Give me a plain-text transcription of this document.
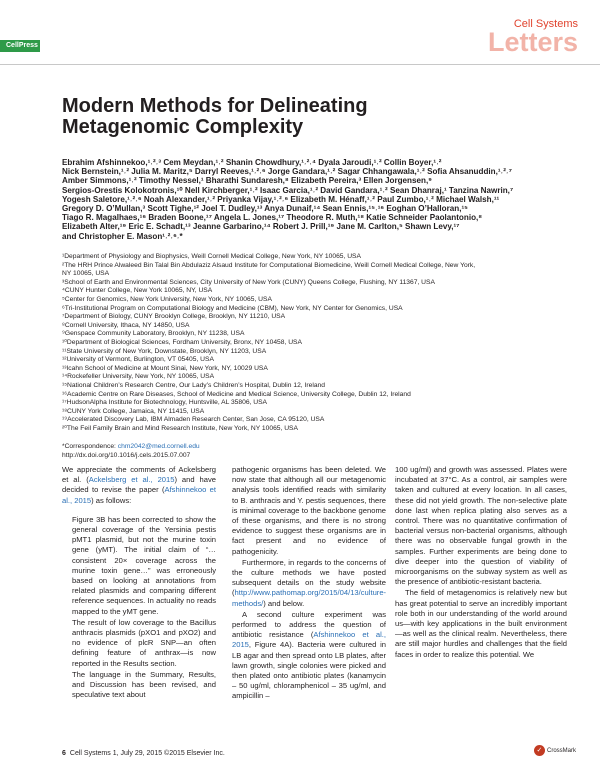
CellPress
Cell Systems
Letters
Modern Methods for Delineating Metagenomic Complexity
Ebrahim Afshinnekoo,¹˒²˒³ Cem Meydan,¹˒² Shanin Chowdhury,¹˒²˒⁴ Dyala Jaroudi,¹˒² Collin Boyer,¹˒²
Nick Bernstein,¹˒² Julia M. Maritz,⁵ Darryl Reeves,¹˒²˒⁶ Jorge Gandara,¹˒² Sagar Chhangawala,¹˒² Sofia Ahsanuddin,¹˒²˒⁷
Amber Simmons,¹˒² Timothy Nessel,¹ Bharathi Sundaresh,⁸ Elizabeth Pereira,³ Ellen Jorgensen,⁹
Sergios-Orestis Kolokotronis,¹⁰ Nell Kirchberger,¹˒² Isaac Garcia,¹˒² David Gandara,¹˒² Sean Dhanraj,¹ Tanzina Nawrin,⁷
Yogesh Saletore,¹˒²˒⁶ Noah Alexander,¹˒² Priyanka Vijay,¹˒²˒⁶ Elizabeth M. Hénaff,¹˒² Paul Zumbo,¹˒² Michael Walsh,¹¹
Gregory D. O’Mullan,³ Scott Tighe,¹² Joel T. Dudley,¹³ Anya Dunaif,¹⁴ Sean Ennis,¹⁵˒¹⁶ Eoghan O’Halloran,¹⁵
Tiago R. Magalhaes,¹⁶ Braden Boone,¹⁷ Angela L. Jones,¹⁷ Theodore R. Muth,¹⁸ Katie Schneider Paolantonio,⁸
Elizabeth Alter,¹⁹ Eric E. Schadt,¹³ Jeanne Garbarino,¹⁴ Robert J. Prill,¹⁹ Jane M. Carlton,⁵ Shawn Levy,¹⁷
and Christopher E. Mason¹˒²˒⁶˒*
¹Department of Physiology and Biophysics, Weill Cornell Medical College, New York, NY 10065, USA
²The HRH Prince Alwaleed Bin Talal Bin Abdulaziz Alsaud Institute for Computational Biomedicine, Weill Cornell Medical College, New York,
NY 10065, USA
³School of Earth and Environmental Sciences, City University of New York (CUNY) Queens College, Flushing, NY 11367, USA
⁴CUNY Hunter College, New York 10065, NY, USA
⁵Center for Genomics, New York University, New York, NY 10065, USA
⁶Tri-Institutional Program on Computational Biology and Medicine (CBM), New York, NY Center for Genomics, USA
⁷Department of Biology, CUNY Brooklyn College, Brooklyn, NY 11210, USA
⁸Cornell University, Ithaca, NY 14850, USA
⁹Genspace Community Laboratory, Brooklyn, NY 11238, USA
¹⁰Department of Biological Sciences, Fordham University, Bronx, NY 10458, USA
¹¹State University of New York, Downstate, Brooklyn, NY 11203, USA
¹²University of Vermont, Burlington, VT 05405, USA
¹³Icahn School of Medicine at Mount Sinai, New York, NY, 10029 USA
¹⁴Rockefeller University, New York, NY 10065, USA
¹⁵National Children’s Research Centre, Our Lady’s Children’s Hospital, Dublin 12, Ireland
¹⁶Academic Centre on Rare Diseases, School of Medicine and Medical Science, University College, Dublin 12, Ireland
¹⁷HudsonAlpha Institute for Biotechnology, Huntsville, AL 35806, USA
¹⁸CUNY York College, Jamaica, NY 11415, USA
¹⁹Accelerated Discovery Lab, IBM Almaden Research Center, San Jose, CA 95120, USA
²⁰The Feil Family Brain and Mind Research Institute, New York, NY 10065, USA
*Correspondence: chm2042@med.cornell.edu
http://dx.doi.org/10.1016/j.cels.2015.07.007

We appreciate the comments of Ackelsberg et al. (Ackelsberg et al., 2015) and have decided to revise the paper (Afshinnekoo et al., 2015) as follows:

Figure 3B has been corrected to show the general coverage of the Yersinia pestis pMT1 plasmid, but not the murine toxin gene (yMT). The initial claim of “…consistent 20× coverage across the murine toxin gene…” was erroneously based on looking at annotations from related plasmids and comparing different reference sequences. In actuality no reads mapped to the yMT gene.

The result of low coverage to the Bacillus anthracis plasmids (pXO1 and pXO2) and no evidence of plcR SNP—an often defining feature of anthrax—is now reported in the Results section.

The language in the Summary, Results, and Discussion has been revised, and speculative text about

pathogenic organisms has been deleted. We now state that although all our metagenomic analysis tools identified reads with similarity to B. anthracis and Y. pestis sequences, there is minimal coverage to the backbone genome of these organisms, and there is no strong evidence to suggest these organisms are in fact present and no evidence of pathogenicity.

Furthermore, in regards to the concerns of the culture methods we have posted subsequent details on the study website (http://www.pathomap.org/2015/04/13/culture-methods/) and below.

A second culture experiment was performed to address the question of antibiotic resistance (Afshinnekoo et al., 2015, Figure 4A). Bacteria were cultured in LB agar and then spread onto LB plates, after lawn growth, single colonies were picked and then plated onto antibiotic plates (kanamycin – 50 ug/ml, chloramphenicol – 35 ug/ml, and ampicillin –

100 ug/ml) and growth was assessed. Plates were incubated at 37°C. As a control, air samples were taken and cultured at every location. In all cases, these did not yield growth. The non-selective plate done last when replica plating also serves as a control. There was no quantitative confirmation of bacterial versus non-bacterial organisms, although there was no observable fungal growth in the samples. Further experiments are being done to dive deeper into the question of viability of microorganisms on the subway system as well as the presence of antibiotic-resistant bacteria.

The field of metagenomics is relatively new but has great potential to serve an incredibly important role both in our understanding of the world around us—with key applications in the built environment—as well as the clinical realm. Nevertheless, there are still major hurdles and challenges that the field faces in order to realize this potential. We

6 Cell Systems 1, July 29, 2015 ©2015 Elsevier Inc.	✓ CrossMark
